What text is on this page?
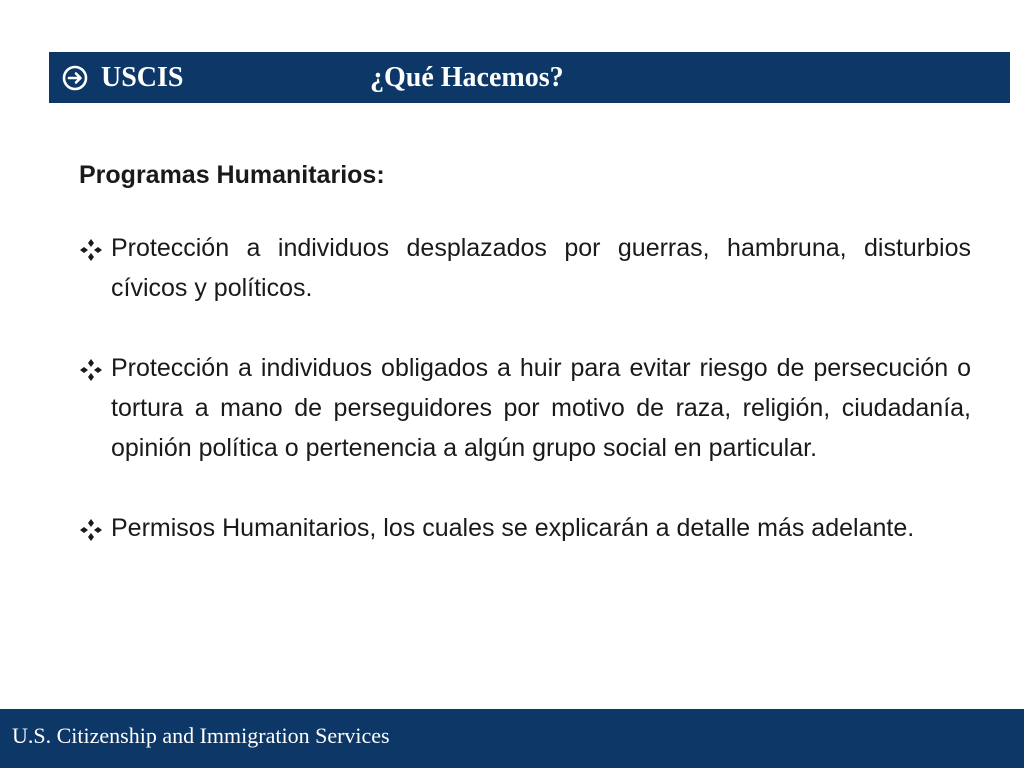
USCIS	¿Qué Hacemos?
Programas Humanitarios:
Protección a individuos desplazados por guerras, hambruna, disturbios cívicos y políticos.
Protección a individuos obligados a huir para evitar riesgo de persecución o tortura a mano de perseguidores por motivo de raza, religión, ciudadanía, opinión política o pertenencia a algún grupo social en particular.
Permisos Humanitarios, los cuales se explicarán a detalle más adelante.
U.S. Citizenship and Immigration Services
